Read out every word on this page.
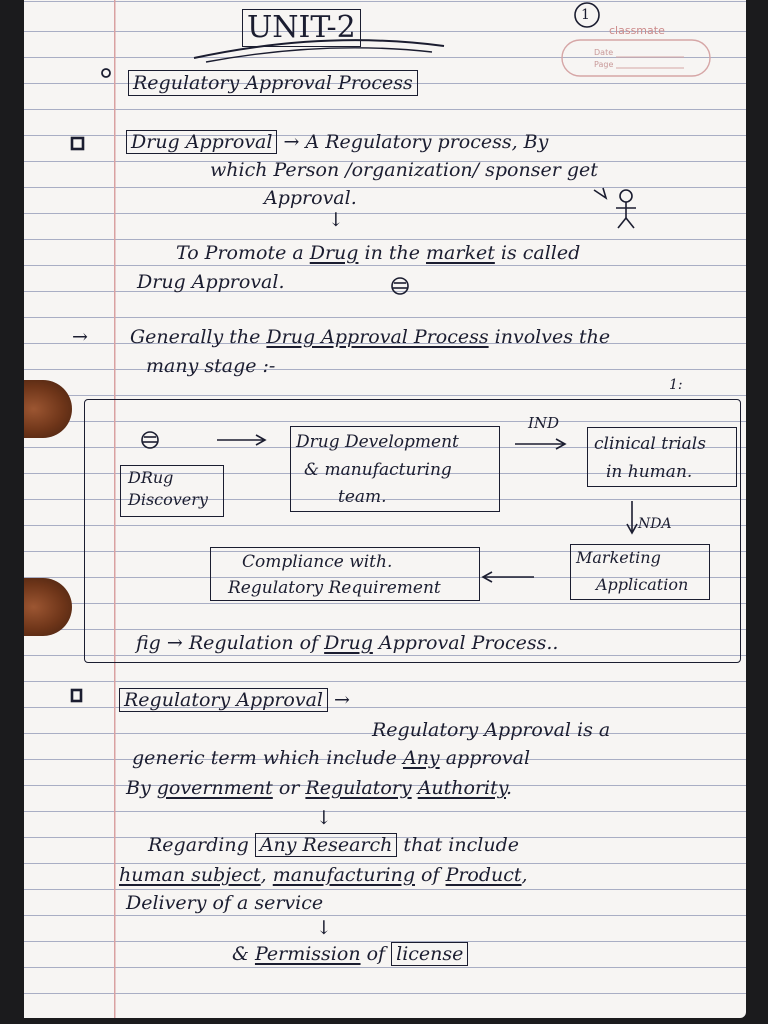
UNIT-2	1
classmate
Date
Page
Regulatory Approval Process
Drug Approval → A Regulatory process, By
which Person /organization/ sponser get
Approval.
↓
To Promote a Drug in the market is called
Drug Approval.
→ Generally the Drug Approval Process involves the
many stage :-
1:
DRug
Discovery
Drug Development
& manufacturing
team.
IND
clinical trials
in human.
NDA
Marketing
Application
Compliance with.
Regulatory Requirement
fig → Regulation of Drug Approval Process..
Regulatory Approval →
Regulatory Approval is a
generic term which include Any approval
By government or Regulatory Authority.
↓
Regarding Any Research that include
human subject, manufacturing of Product,
Delivery of a service
↓
& Permission of license
